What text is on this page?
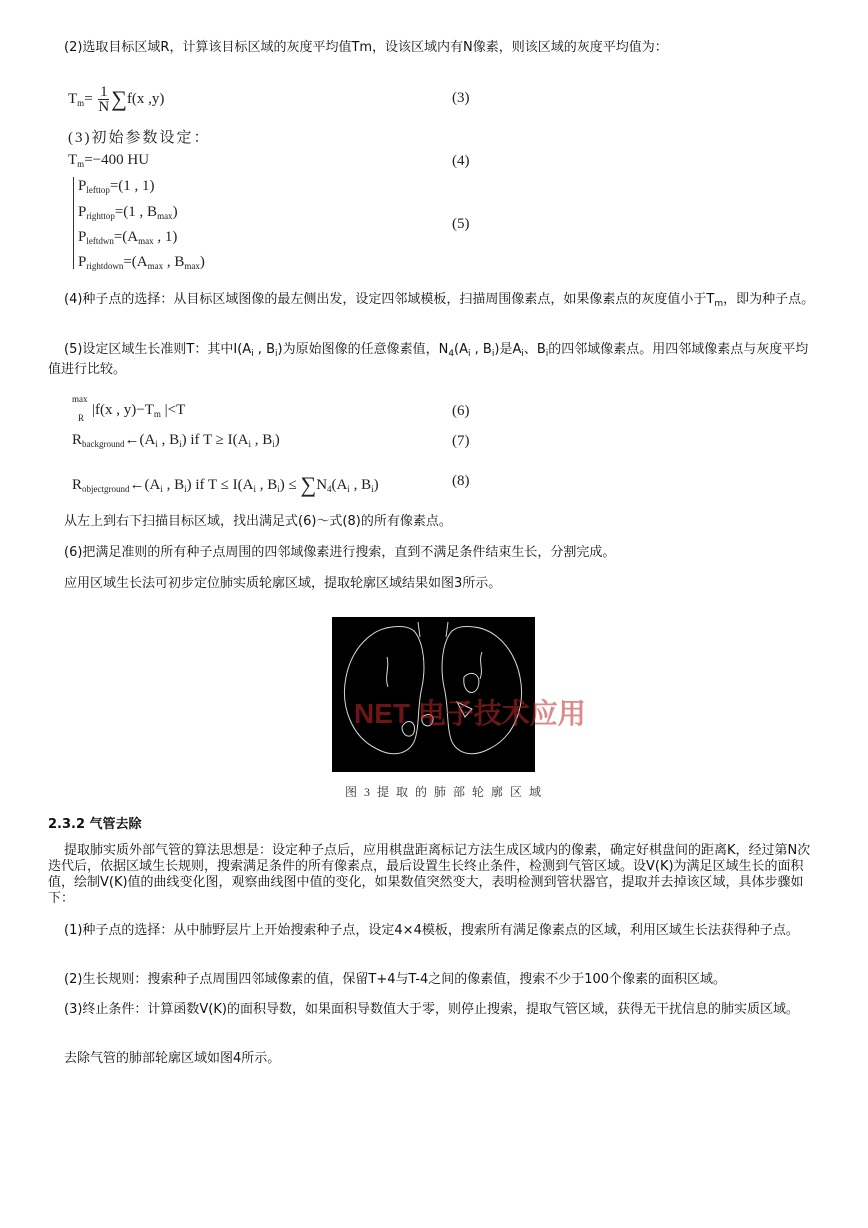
(2)选取目标区域R，计算该目标区域的灰度平均值Tm，设该区域内有N像素，则该区域的灰度平均值为：
$T_m= \frac{1}{N} \sum f(x$ ,y)	(3)
(3)初始参数设定：
$T_m=-400$ HU	(4)
$P_{lefttop}=(1$ , 1)
$P_{righttop}=(1$ , $B_{max}$)
$P_{leftdwn}=(A_{max}$ , 1)
$P_{rightdown}=(A_{max}$ , $B_{max}$)
(5)
(4)种子点的选择：从目标区域图像的最左侧出发，设定四邻域模板，扫描周围像素点，如果像素点的灰度值小于$T_m$，即为种子点。
(5)设定区域生长准则T：其中$I(A_i$ , $B_i$)为原始图像的任意像素值，$N_4(A_i$ , $B_i$)是$A_i$、$B_i$的四邻域像素点。用四邻域像素点与灰度平均值进行比较。
max
R |f(x , $y)-T_m$ |<T	(6)
$R_{background}\leftarrow(A_i$ , $B_i$) if $T \ge I(A_i$ , $B_i$)	(7)
$R_{objectground}\leftarrow(A_i$ , $B_i$) if $T \le I(A_i$ , $B_i) \le \sum N_4(A_i$ , $B_i$)	(8)
从左上到右下扫描目标区域，找出满足式(6)～式(8)的所有像素点。
(6)把满足准则的所有种子点周围的四邻域像素进行搜索，直到不满足条件结束生长，分割完成。
应用区域生长法可初步定位肺实质轮廓区域，提取轮廓区域结果如图3所示。
NET 电子技术应用
图 3 提 取 的 肺 部 轮 廓 区 域
2.3.2 气管去除
提取肺实质外部气管的算法思想是：设定种子点后，应用棋盘距离标记方法生成区域内的像素，确定好棋盘间的距离K，经过第N次迭代后，依据区域生长规则，搜索满足条件的所有像素点，最后设置生长终止条件，检测到气管区域。设V(K)为满足区域生长的面积值，绘制V(K)值的曲线变化图，观察曲线图中值的变化，如果数值突然变大，表明检测到管状器官，提取并去掉该区域，具体步骤如下：
(1)种子点的选择：从中肺野层片上开始搜索种子点，设定4×4模板，搜索所有满足像素点的区域，利用区域生长法获得种子点。
(2)生长规则：搜索种子点周围四邻域像素的值，保留T+4与T-4之间的像素值，搜索不少于100个像素的面积区域。
(3)终止条件：计算函数V(K)的面积导数，如果面积导数值大于零，则停止搜索，提取气管区域，获得无干扰信息的肺实质区域。
去除气管的肺部轮廓区域如图4所示。
